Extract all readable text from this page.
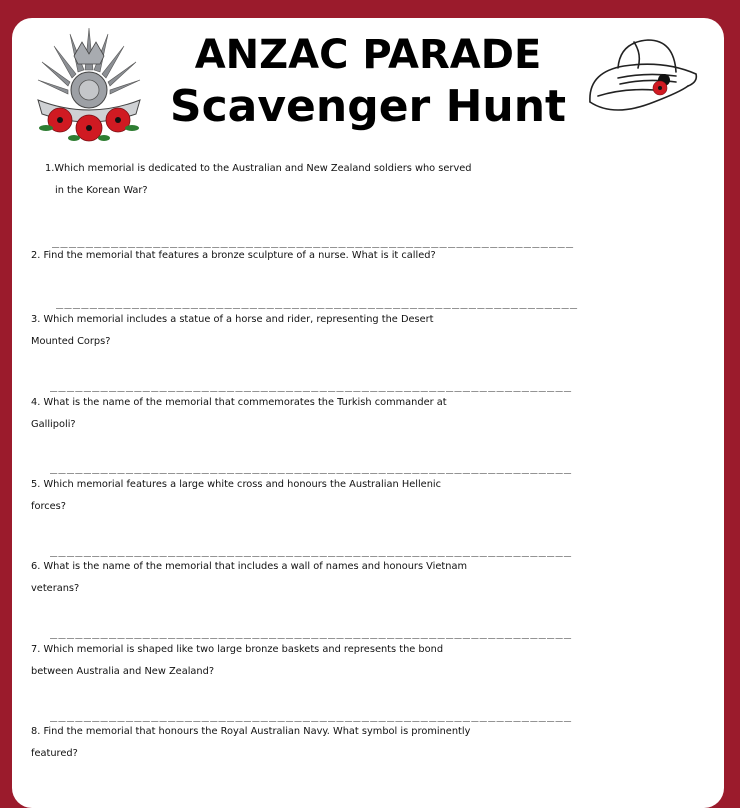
ANZAC PARADE
Scavenger Hunt
1.Which memorial is dedicated to the Australian and New Zealand soldiers who served
in the Korean War?
______________________________________________________________
2. Find the memorial that features a bronze sculpture of a nurse. What is it called?
______________________________________________________________
3. Which memorial includes a statue of a horse and rider, representing the Desert
Mounted Corps?
______________________________________________________________
4. What is the name of the memorial that commemorates the Turkish commander at
Gallipoli?
______________________________________________________________
5. Which memorial features a large white cross and honours the Australian Hellenic
forces?
______________________________________________________________
6. What is the name of the memorial that includes a wall of names and honours Vietnam
veterans?
______________________________________________________________
7. Which memorial is shaped like two large bronze baskets and represents the bond
between Australia and New Zealand?
______________________________________________________________
8. Find the memorial that honours the Royal Australian Navy. What symbol is prominently
featured?
